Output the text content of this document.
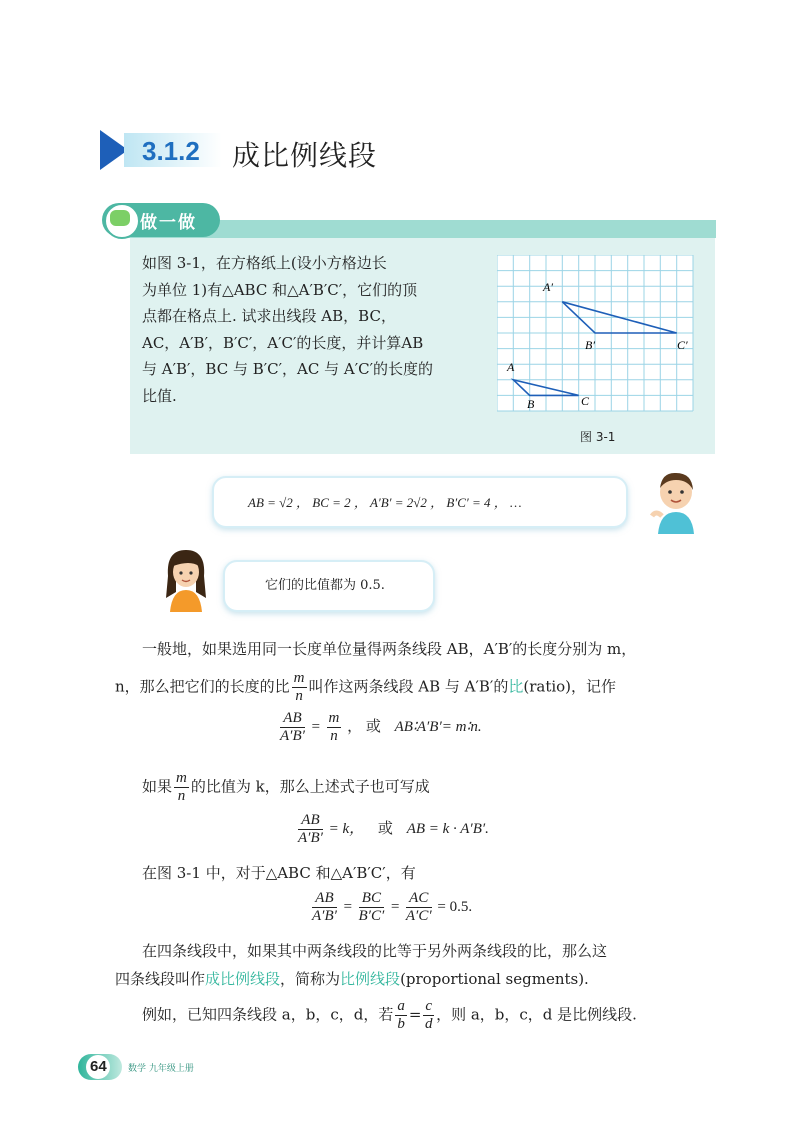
3.1.2 成比例线段
做一做
如图 3-1，在方格纸上(设小方格边长
为单位 1)有△ABC 和△A′B′C′，它们的顶
点都在格点上. 试求出线段 AB，BC，
AC，A′B′，B′C′，A′C′的长度，并计算AB
与 A′B′，BC 与 B′C′，AC 与 A′C′的长度的
比值.
A′
B′	C′
A
B	C
图 3-1
AB = √2 ， BC = 2 ， A′B′ = 2√2 ， B′C′ = 4 ， …
它们的比值都为 0.5.
一般地，如果选用同一长度单位量得两条线段 AB，A′B′的长度分别为 m，
n，那么把它们的长度的比 $\frac{m}{n}$ 叫作这两条线段 AB 与 A′B′的比(ratio)，记作
$\frac{AB}{A'B'} = \frac{m}{n}$ ， 或 AB∶A′B′= m∶n.
如果 $\frac{m}{n}$ 的比值为 k，那么上述式子也可写成
$\frac{AB}{A'B'} = k$， 或 AB = k · A′B′.
在图 3-1 中，对于△ABC 和△A′B′C′，有
$\frac{AB}{A'B'} = \frac{BC}{B'C'} = \frac{AC}{A'C'} = 0.5$.
在四条线段中，如果其中两条线段的比等于另外两条线段的比，那么这
四条线段叫作成比例线段，简称为比例线段(proportional segments).
例如，已知四条线段 a，b，c，d，若 $\frac{a}{b} = \frac{c}{d}$ ，则 a，b，c，d 是比例线段.
64 数学 九年级上册
